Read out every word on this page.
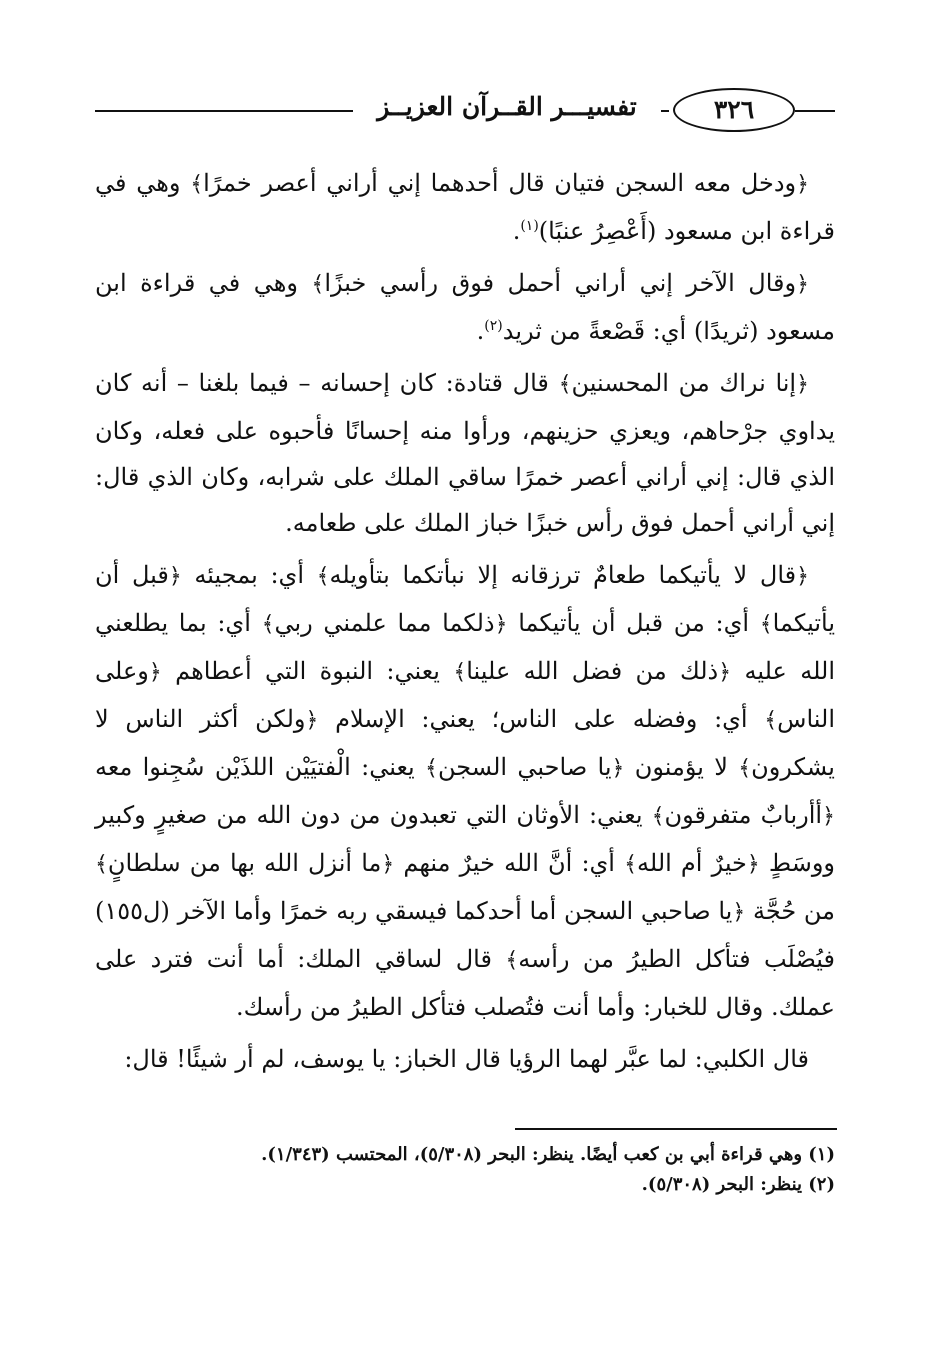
تفسيـــر القــرآن العزيــز	٣٢٦

﴿ودخل معه السجن فتيان قال أحدهما إني أراني أعصر خمرًا﴾ وهي في قراءة ابن مسعود (أَعْصِرُ عنبًا)$^{(١)}$.

﴿وقال الآخر إني أراني أحمل فوق رأسي خبزًا﴾ وهي في قراءة ابن مسعود (ثريدًا) أي: قَصْعةً من ثريد$^{(٢)}$.

﴿إنا نراك من المحسنين﴾ قال قتادة: كان إحسانه – فيما بلغنا – أنه كان يداوي جرْحاهم، ويعزي حزينهم، ورأوا منه إحسانًا فأحبوه على فعله، وكان الذي قال: إني أراني أعصر خمرًا ساقي الملك على شرابه، وكان الذي قال: إني أراني أحمل فوق رأس خبزًا خباز الملك على طعامه.

﴿قال لا يأتيكما طعامٌ ترزقانه إلا نبأتكما بتأويله﴾ أي: بمجيئه ﴿قبل أن يأتيكما﴾ أي: من قبل أن يأتيكما ﴿ذلكما مما علمني ربي﴾ أي: بما يطلعني الله عليه ﴿ذلك من فضل الله علينا﴾ يعني: النبوة التي أعطاهم ﴿وعلى الناس﴾ أي: وفضله على الناس؛ يعني: الإسلام ﴿ولكن أكثر الناس لا يشكرون﴾ لا يؤمنون ﴿يا صاحبي السجن﴾ يعني: الْفتيَيْن اللذَيْن سُجِنوا معه ﴿أأربابٌ متفرقون﴾ يعني: الأوثان التي تعبدون من دون الله من صغيرٍ وكبير ووسَطٍ ﴿خيرٌ أم الله﴾ أي: أنَّ الله خيرٌ منهم ﴿ما أنزل الله بها من سلطانٍ﴾ من حُجَّة ﴿يا صاحبي السجن أما أحدكما فيسقي ربه خمرًا وأما الآخر (ل١٥٥) فيُصْلَب فتأكل الطيرُ من رأسه﴾ قال لساقي الملك: أما أنت فترد على عملك. وقال للخبار: وأما أنت فتُصلب فتأكل الطيرُ من رأسك.

قال الكلبي: لما عبَّر لهما الرؤيا قال الخباز: يا يوسف، لم أر شيئًا! قال:

(١) وهي قراءة أبي بن كعب أيضًا. ينظر: البحر (٥/٣٠٨)، المحتسب (١/٣٤٣).

(٢) ينظر: البحر (٥/٣٠٨).
